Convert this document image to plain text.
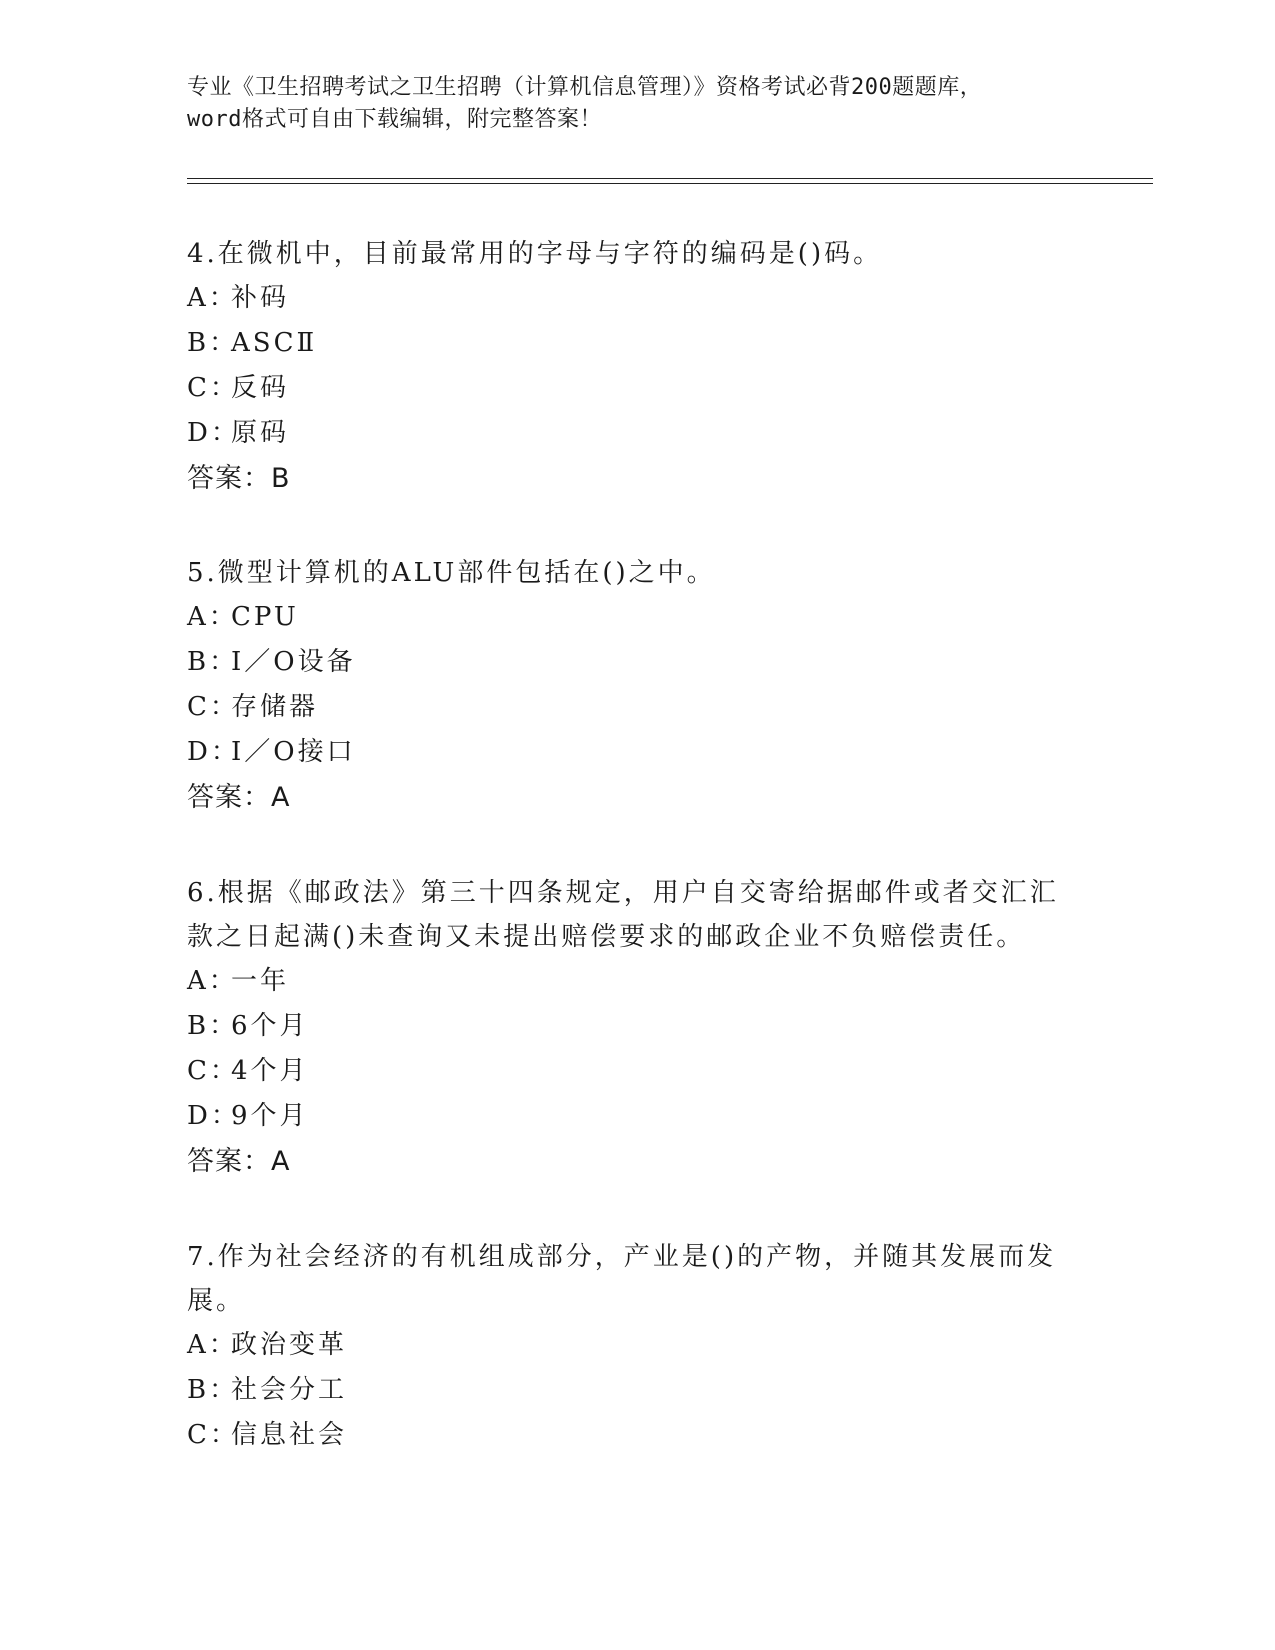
专业《卫生招聘考试之卫生招聘（计算机信息管理）》资格考试必背200题题库，
word格式可自由下载编辑，附完整答案！

4.在微机中，目前最常用的字母与字符的编码是()码。

A：补码

B：ASCⅡ

C：反码

D：原码

答案：B

5.微型计算机的ALU部件包括在()之中。

A：CPU

B：I／O设备

C：存储器

D：I／O接口

答案：A

6.根据《邮政法》第三十四条规定，用户自交寄给据邮件或者交汇汇

款之日起满()未查询又未提出赔偿要求的邮政企业不负赔偿责任。

A：一年

B：6个月

C：4个月

D：9个月

答案：A

7.作为社会经济的有机组成部分，产业是()的产物，并随其发展而发

展。

A：政治变革

B：社会分工

C：信息社会
